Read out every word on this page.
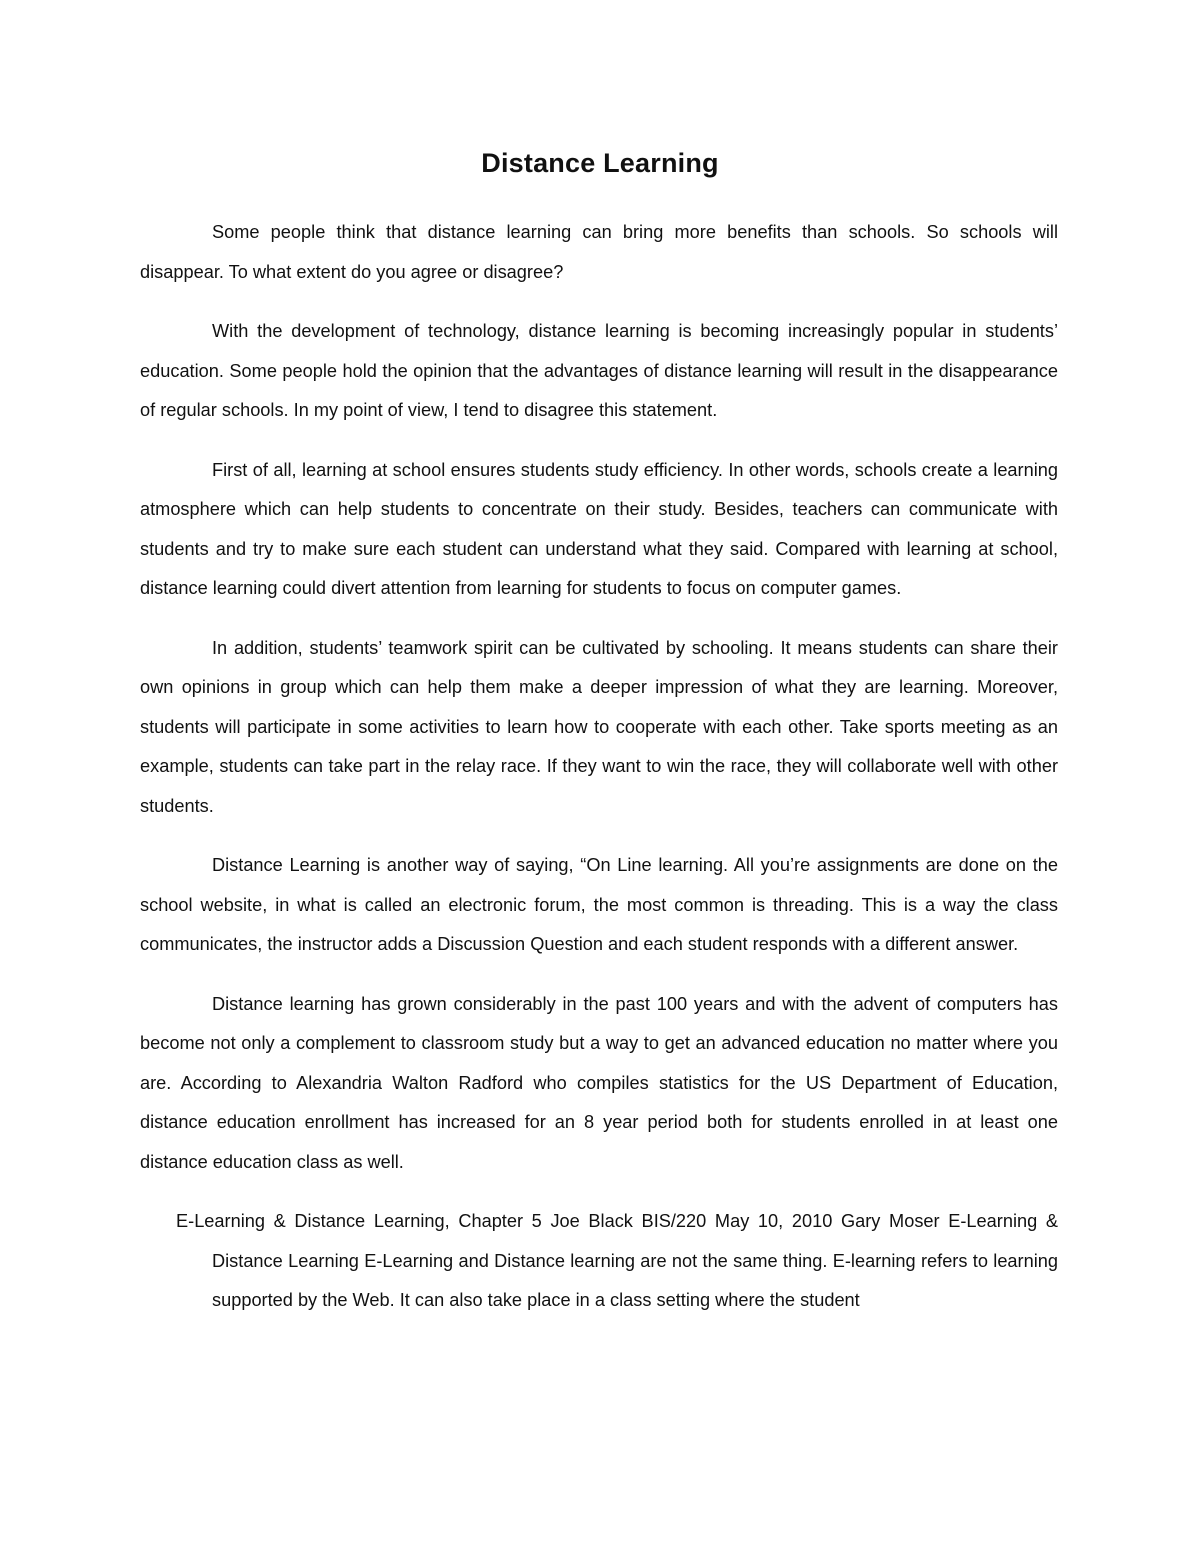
Distance Learning

Some people think that distance learning can bring more benefits than schools. So schools will disappear. To what extent do you agree or disagree?

With the development of technology, distance learning is becoming increasingly popular in students’ education. Some people hold the opinion that the advantages of distance learning will result in the disappearance of regular schools. In my point of view, I tend to disagree this statement.

First of all, learning at school ensures students study efficiency. In other words, schools create a learning atmosphere which can help students to concentrate on their study. Besides, teachers can communicate with students and try to make sure each student can understand what they said. Compared with learning at school, distance learning could divert attention from learning for students to focus on computer games.

In addition, students’ teamwork spirit can be cultivated by schooling. It means students can share their own opinions in group which can help them make a deeper impression of what they are learning. Moreover, students will participate in some activities to learn how to cooperate with each other. Take sports meeting as an example, students can take part in the relay race. If they want to win the race, they will collaborate well with other students.

Distance Learning is another way of saying, “On Line learning. All you’re assignments are done on the school website, in what is called an electronic forum, the most common is threading. This is a way the class communicates, the instructor adds a Discussion Question and each student responds with a different answer.

Distance learning has grown considerably in the past 100 years and with the advent of computers has become not only a complement to classroom study but a way to get an advanced education no matter where you are. According to Alexandria Walton Radford who compiles statistics for the US Department of Education, distance education enrollment has increased for an 8 year period both for students enrolled in at least one distance education class as well.

E-Learning & Distance Learning, Chapter 5 Joe Black BIS/220 May 10, 2010 Gary Moser E-Learning & Distance Learning E-Learning and Distance learning are not the same thing. E-learning refers to learning supported by the Web. It can also take place in a class setting where the student
